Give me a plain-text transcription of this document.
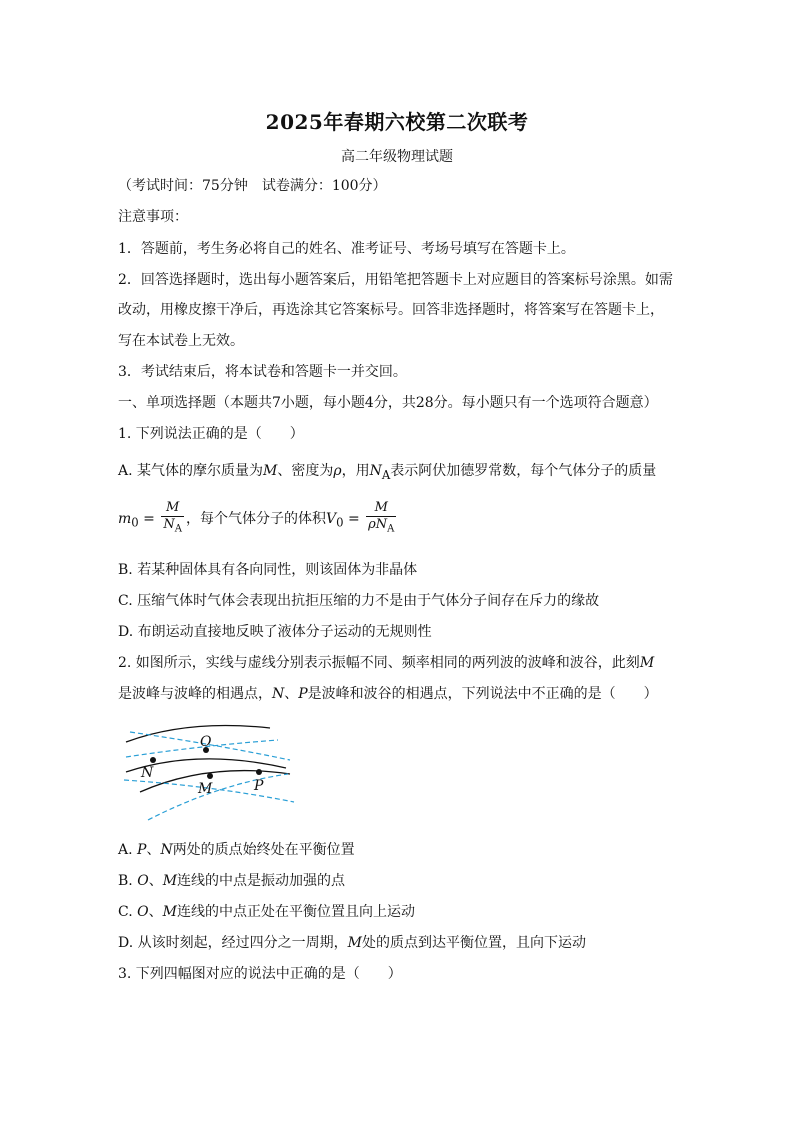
2025年春期六校第二次联考
高二年级物理试题
（考试时间：75分钟　试卷满分：100分）
注意事项：
1．答题前，考生务必将自己的姓名、准考证号、考场号填写在答题卡上。
2．回答选择题时，选出每小题答案后，用铅笔把答题卡上对应题目的答案标号涂黑。如需
改动，用橡皮擦干净后，再选涂其它答案标号。回答非选择题时，将答案写在答题卡上，
写在本试卷上无效。
3．考试结束后，将本试卷和答题卡一并交回。
一、单项选择题（本题共7小题，每小题4分，共28分。每小题只有一个选项符合题意）
1. 下列说法正确的是（　　）
A. 某气体的摩尔质量为M、密度为ρ，用$N_A$表示阿伏加德罗常数，每个气体分子的质量
$m_0 = \frac{M}{N_A}$ ，每个气体分子的体积$V_0 = \frac{M}{\rho N_A}$
B. 若某种固体具有各向同性，则该固体为非晶体
C. 压缩气体时气体会表现出抗拒压缩的力不是由于气体分子间存在斥力的缘故
D. 布朗运动直接地反映了液体分子运动的无规则性
2. 如图所示，实线与虚线分别表示振幅不同、频率相同的两列波的波峰和波谷，此刻M
是波峰与波峰的相遇点，N、P是波峰和波谷的相遇点，下列说法中不正确的是（　　）
O
N
M	P
A. P、N两处的质点始终处在平衡位置
B. O、M连线的中点是振动加强的点
C. O、M连线的中点正处在平衡位置且向上运动
D. 从该时刻起，经过四分之一周期，M处的质点到达平衡位置，且向下运动
3. 下列四幅图对应的说法中正确的是（　　）
